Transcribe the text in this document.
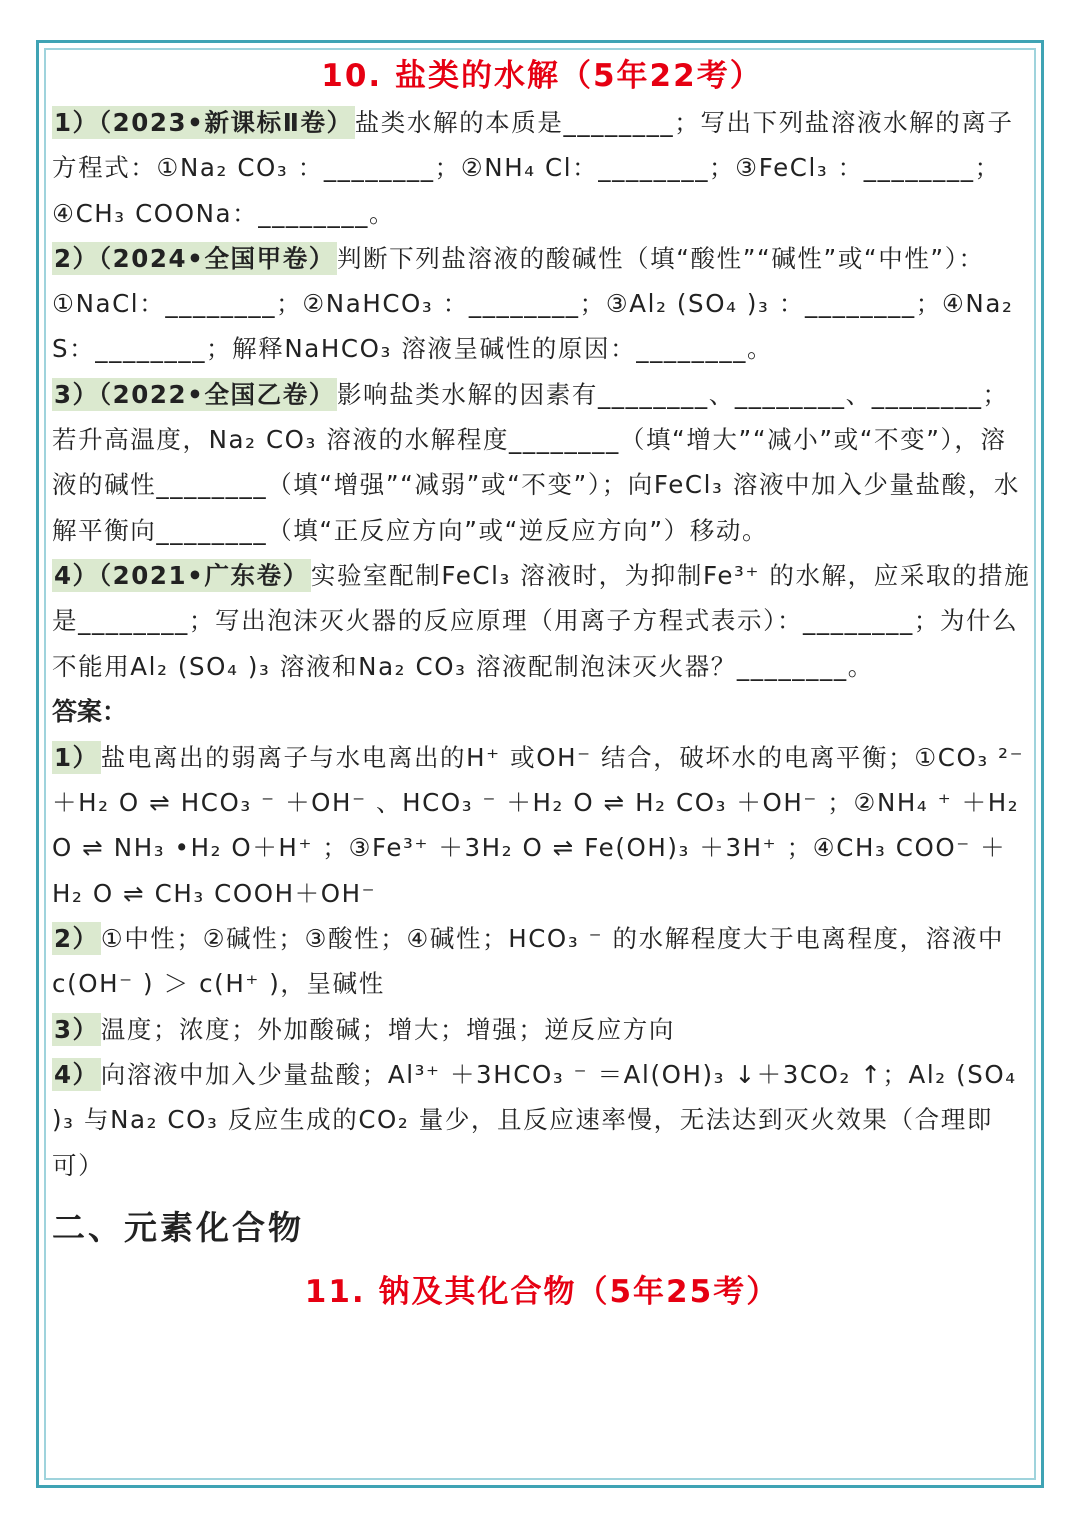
10. 盐类的水解（5年22考）

1）（2023•新课标Ⅱ卷）盐类水解的本质是________；写出下列盐溶液水解的离子方程式：①Na₂ CO₃ ：________；②NH₄ Cl：________；③FeCl₃ ：________；④CH₃ COONa：________。

2）（2024•全国甲卷）判断下列盐溶液的酸碱性（填“酸性”“碱性”或“中性”）：①NaCl：________；②NaHCO₃ ：________；③Al₂ (SO₄ )₃ ：________；④Na₂ S：________；解释NaHCO₃ 溶液呈碱性的原因：________。

3）（2022•全国乙卷）影响盐类水解的因素有________、________、________；若升高温度，Na₂ CO₃ 溶液的水解程度________（填“增大”“减小”或“不变”），溶液的碱性________（填“增强”“减弱”或“不变”）；向FeCl₃ 溶液中加入少量盐酸，水解平衡向________（填“正反应方向”或“逆反应方向”）移动。

4）（2021•广东卷）实验室配制FeCl₃ 溶液时，为抑制Fe³⁺ 的水解，应采取的措施是________；写出泡沫灭火器的反应原理（用离子方程式表示）：________；为什么不能用Al₂ (SO₄ )₃ 溶液和Na₂ CO₃ 溶液配制泡沫灭火器？________。

答案：

1）盐电离出的弱离子与水电离出的H⁺ 或OH⁻ 结合，破坏水的电离平衡；①CO₃ ²⁻ ＋H₂ O ⇌ HCO₃ ⁻ ＋OH⁻ 、HCO₃ ⁻ ＋H₂ O ⇌ H₂ CO₃ ＋OH⁻ ；②NH₄ ⁺ ＋H₂ O ⇌ NH₃ •H₂ O＋H⁺ ；③Fe³⁺ ＋3H₂ O ⇌ Fe(OH)₃ ＋3H⁺ ；④CH₃ COO⁻ ＋H₂ O ⇌ CH₃ COOH＋OH⁻

2）①中性；②碱性；③酸性；④碱性；HCO₃ ⁻ 的水解程度大于电离程度，溶液中c(OH⁻ ) ＞ c(H⁺ )，呈碱性

3）温度；浓度；外加酸碱；增大；增强；逆反应方向

4）向溶液中加入少量盐酸；Al³⁺ ＋3HCO₃ ⁻ ＝Al(OH)₃ ↓＋3CO₂ ↑；Al₂ (SO₄ )₃ 与Na₂ CO₃ 反应生成的CO₂ 量少，且反应速率慢，无法达到灭火效果（合理即可）

二、元素化合物
11. 钠及其化合物（5年25考）
